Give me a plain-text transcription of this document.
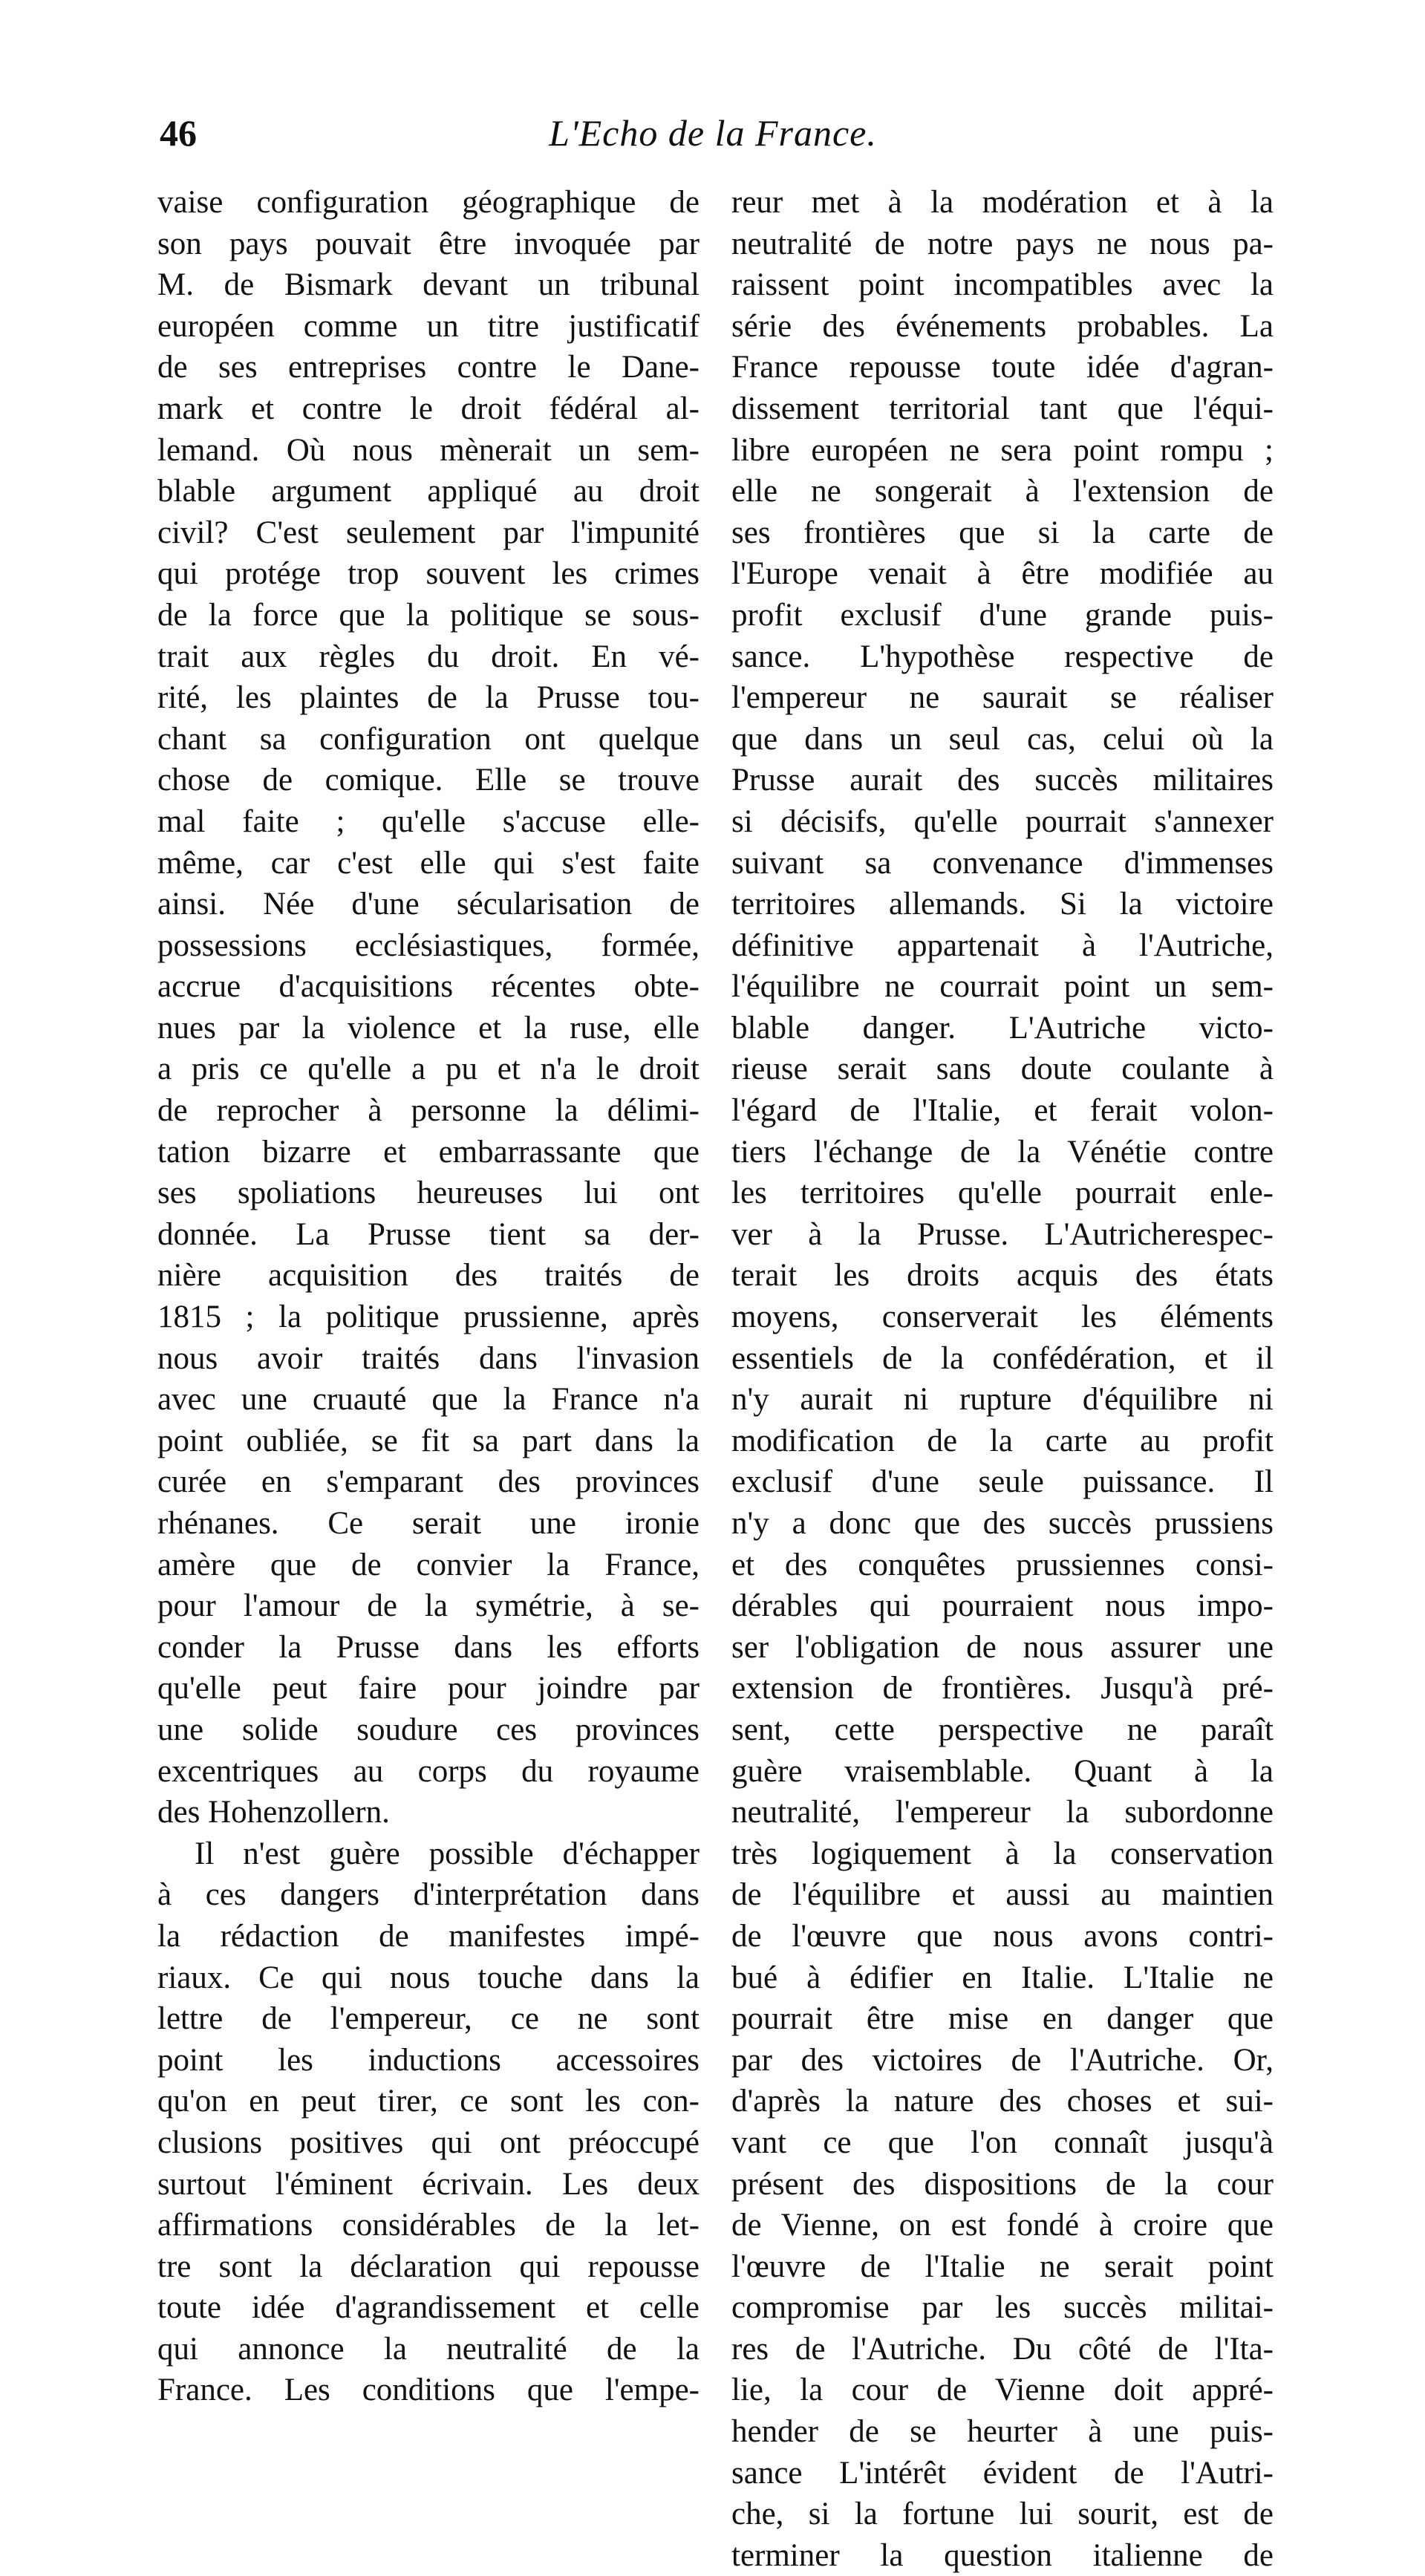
46	L'Echo de la France.
vaise configuration géographique de
son pays pouvait être invoquée par
M. de Bismark devant un tribunal
européen comme un titre justificatif
de ses entreprises contre le Dane-
mark et contre le droit fédéral al-
lemand. Où nous mènerait un sem-
blable argument appliqué au droit
civil? C'est seulement par l'impunité
qui protége trop souvent les crimes
de la force que la politique se sous-
trait aux règles du droit. En vé-
rité, les plaintes de la Prusse tou-
chant sa configuration ont quelque
chose de comique. Elle se trouve
mal faite ; qu'elle s'accuse elle-
même, car c'est elle qui s'est faite
ainsi. Née d'une sécularisation de
possessions ecclésiastiques, formée,
accrue d'acquisitions récentes obte-
nues par la violence et la ruse, elle
a pris ce qu'elle a pu et n'a le droit
de reprocher à personne la délimi-
tation bizarre et embarrassante que
ses spoliations heureuses lui ont
donnée. La Prusse tient sa der-
nière acquisition des traités de
1815 ; la politique prussienne, après
nous avoir traités dans l'invasion
avec une cruauté que la France n'a
point oubliée, se fit sa part dans la
curée en s'emparant des provinces
rhénanes. Ce serait une ironie
amère que de convier la France,
pour l'amour de la symétrie, à se-
conder la Prusse dans les efforts
qu'elle peut faire pour joindre par
une solide soudure ces provinces
excentriques au corps du royaume
des Hohenzollern.
Il n'est guère possible d'échapper
à ces dangers d'interprétation dans
la rédaction de manifestes impé-
riaux. Ce qui nous touche dans la
lettre de l'empereur, ce ne sont
point les inductions accessoires
qu'on en peut tirer, ce sont les con-
clusions positives qui ont préoccupé
surtout l'éminent écrivain. Les deux
affirmations considérables de la let-
tre sont la déclaration qui repousse
toute idée d'agrandissement et celle
qui annonce la neutralité de la
France. Les conditions que l'empe-
reur met à la modération et à la
neutralité de notre pays ne nous pa-
raissent point incompatibles avec la
série des événements probables. La
France repousse toute idée d'agran-
dissement territorial tant que l'équi-
libre européen ne sera point rompu ;
elle ne songerait à l'extension de
ses frontières que si la carte de
l'Europe venait à être modifiée au
profit exclusif d'une grande puis-
sance. L'hypothèse respective de
l'empereur ne saurait se réaliser
que dans un seul cas, celui où la
Prusse aurait des succès militaires
si décisifs, qu'elle pourrait s'annexer
suivant sa convenance d'immenses
territoires allemands. Si la victoire
définitive appartenait à l'Autriche,
l'équilibre ne courrait point un sem-
blable danger. L'Autriche victo-
rieuse serait sans doute coulante à
l'égard de l'Italie, et ferait volon-
tiers l'échange de la Vénétie contre
les territoires qu'elle pourrait enle-
ver à la Prusse. L'Autricherespec-
terait les droits acquis des états
moyens, conserverait les éléments
essentiels de la confédération, et il
n'y aurait ni rupture d'équilibre ni
modification de la carte au profit
exclusif d'une seule puissance. Il
n'y a donc que des succès prussiens
et des conquêtes prussiennes consi-
dérables qui pourraient nous impo-
ser l'obligation de nous assurer une
extension de frontières. Jusqu'à pré-
sent, cette perspective ne paraît
guère vraisemblable. Quant à la
neutralité, l'empereur la subordonne
très logiquement à la conservation
de l'équilibre et aussi au maintien
de l'œuvre que nous avons contri-
bué à édifier en Italie. L'Italie ne
pourrait être mise en danger que
par des victoires de l'Autriche. Or,
d'après la nature des choses et sui-
vant ce que l'on connaît jusqu'à
présent des dispositions de la cour
de Vienne, on est fondé à croire que
l'œuvre de l'Italie ne serait point
compromise par les succès militai-
res de l'Autriche. Du côté de l'Ita-
lie, la cour de Vienne doit appré-
hender de se heurter à une puis-
sance L'intérêt évident de l'Autri-
che, si la fortune lui sourit, est de
terminer la question italienne de
